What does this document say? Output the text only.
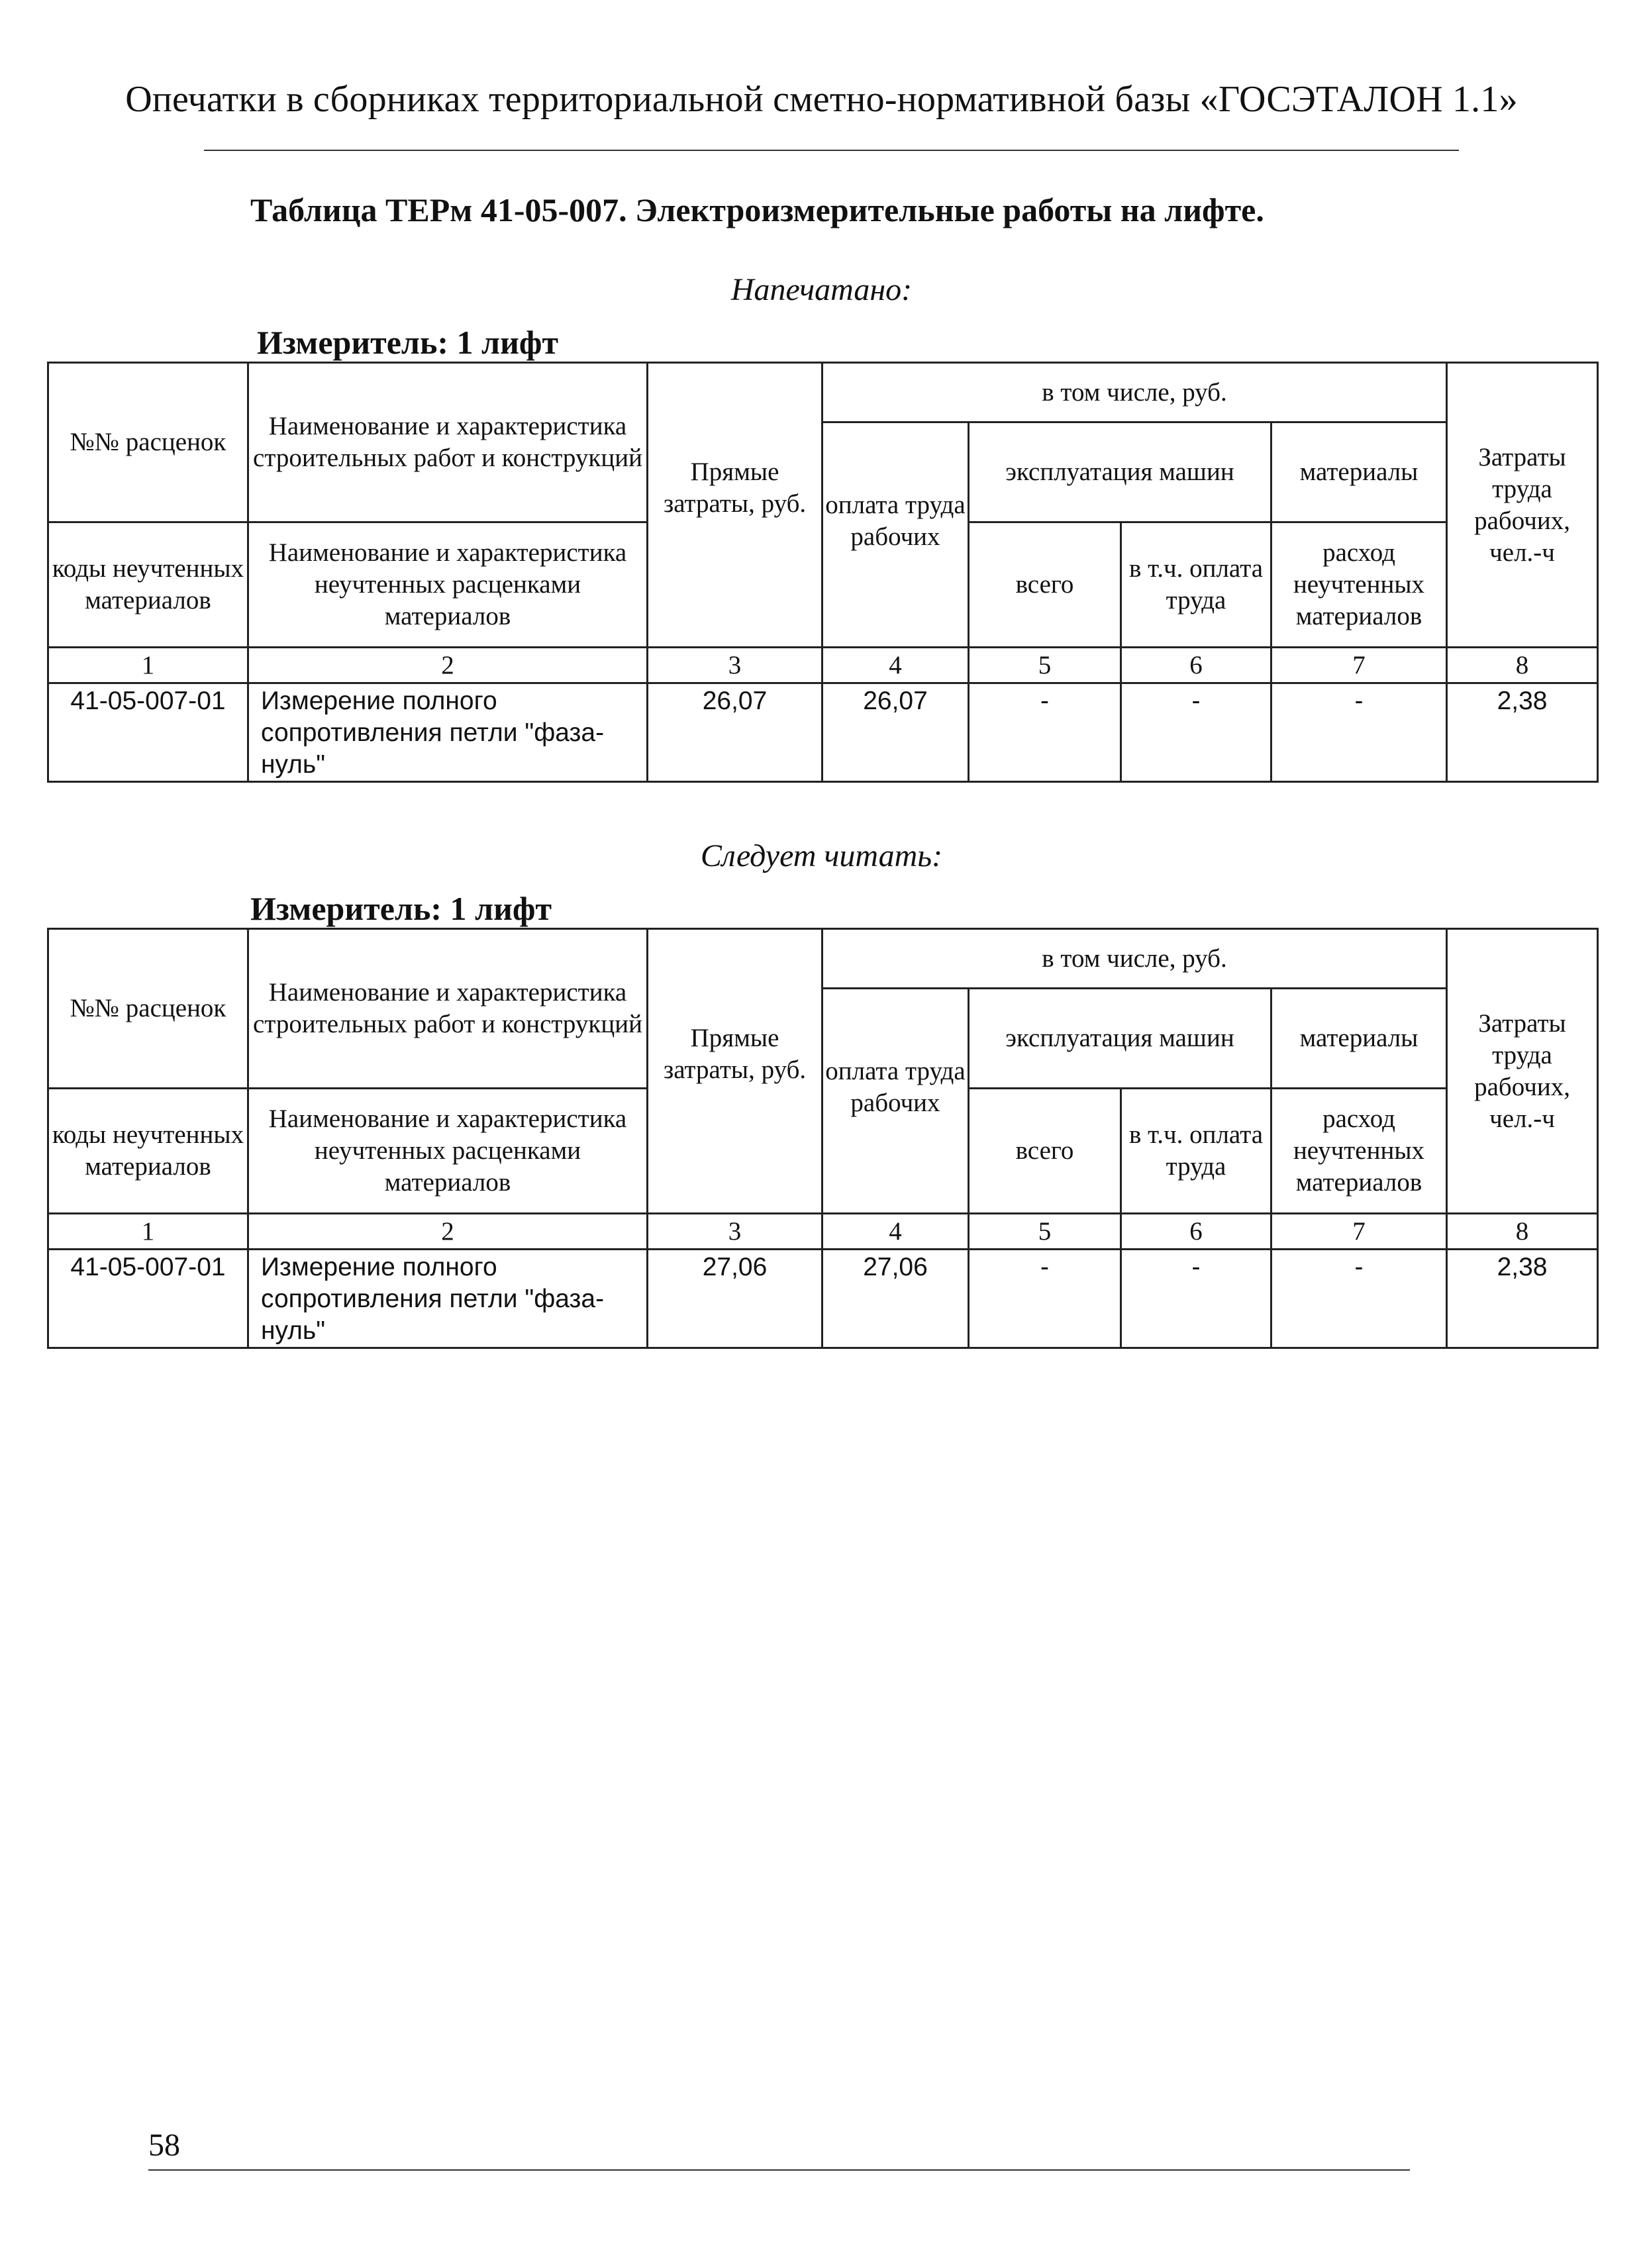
Опечатки в сборниках территориальной сметно-нормативной базы «ГОСЭТАЛОН 1.1»
Таблица ТЕРм 41-05-007. Электроизмерительные работы на лифте.
Напечатано:
Измеритель: 1 лифт
№№ расценок	Наименование и характеристика строительных работ и конструкций	Прямые затраты, руб.	в том числе, руб.				Затраты труда рабочих, чел.-ч
			оплата труда рабочих	эксплуатация машин		материалы	
коды неучтенных материалов	Наименование и характеристика неучтенных расценками материалов			всего	в т.ч. оплата труда	расход неучтенных материалов	
1	2	3	4	5	6	7	8
41-05-007-01	Измерение полного сопротивления петли "фаза-нуль"	26,07	26,07	-	-	-	2,38
Следует читать:
Измеритель: 1 лифт
№№ расценок	Наименование и характеристика строительных работ и конструкций	Прямые затраты, руб.	в том числе, руб.				Затраты труда рабочих, чел.-ч
			оплата труда рабочих	эксплуатация машин		материалы	
коды неучтенных материалов	Наименование и характеристика неучтенных расценками материалов			всего	в т.ч. оплата труда	расход неучтенных материалов	
1	2	3	4	5	6	7	8
41-05-007-01	Измерение полного сопротивления петли "фаза-нуль"	27,06	27,06	-	-	-	2,38
58
